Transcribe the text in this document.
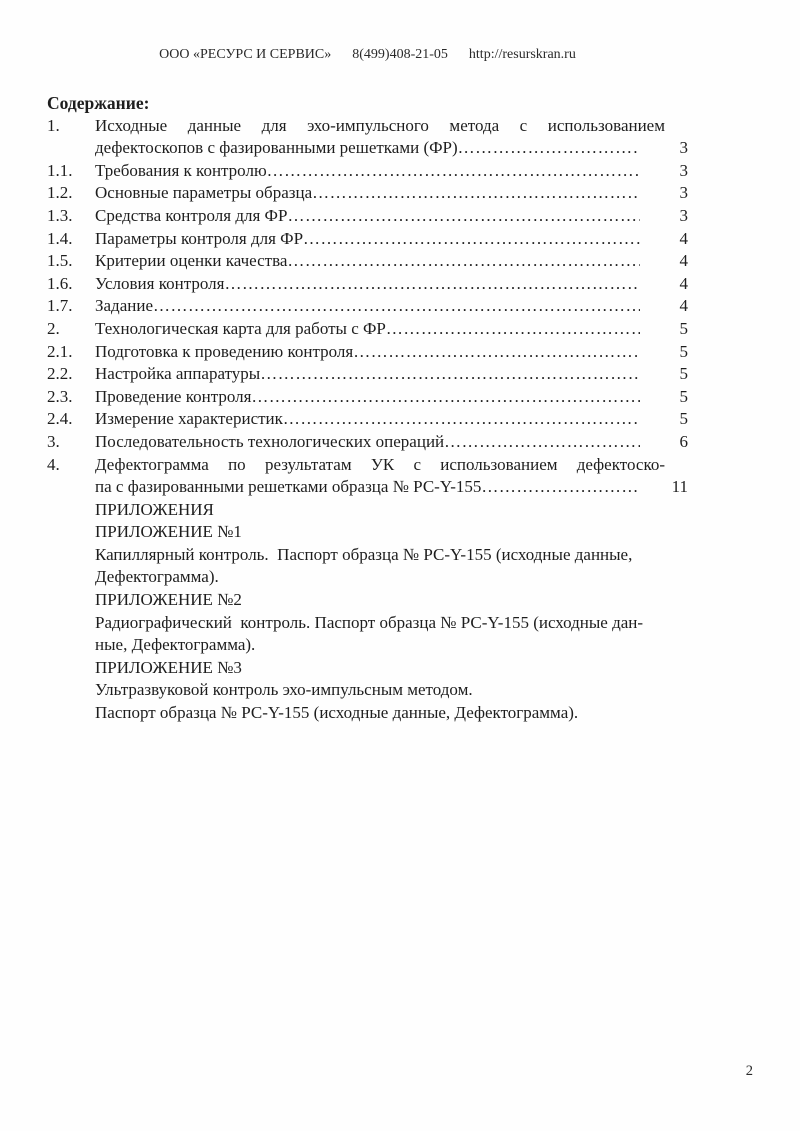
ООО «РЕСУРС И СЕРВИС» 8(499)408-21-05 http://resurskran.ru
Содержание:
1.	Исходные данные для эхо-импульсного метода с использованием
дефектоскопов с фазированными решетками (ФР) ………………………………………………………………………………………………………………	3
1.1.	Требования к контролю ………………………………………………………………………………………………………………	3
1.2.	Основные параметры образца ………………………………………………………………………………………………………………	3
1.3.	Средства контроля для ФР ………………………………………………………………………………………………………………	3
1.4.	Параметры контроля для ФР ………………………………………………………………………………………………………………	4
1.5.	Критерии оценки качества ………………………………………………………………………………………………………………	4
1.6.	Условия контроля ………………………………………………………………………………………………………………	4
1.7.	Задание ………………………………………………………………………………………………………………	4
2.	Технологическая карта для работы с ФР ………………………………………………………………………………………………………………	5
2.1.	Подготовка к проведению контроля ………………………………………………………………………………………………………………	5
2.2.	Настройка аппаратуры ………………………………………………………………………………………………………………	5
2.3.	Проведение контроля ………………………………………………………………………………………………………………	5
2.4.	Измерение характеристик ………………………………………………………………………………………………………………	5
3.	Последовательность технологических операций ………………………………………………………………………………………………………………	6
4.	Дефектограмма по результатам УК с использованием дефектоско-
па с фазированными решетками образца № РС-Y-155 ………………………………………………………………………………………………………………	11
ПРИЛОЖЕНИЯ
ПРИЛОЖЕНИЕ №1
Капиллярный контроль.  Паспорт образца № РС-Y-155 (исходные данные,
Дефектограмма).
ПРИЛОЖЕНИЕ №2
Радиографический  контроль. Паспорт образца № РС-Y-155 (исходные дан-
ные, Дефектограмма).
ПРИЛОЖЕНИЕ №3
Ультразвуковой контроль эхо-импульсным методом.
Паспорт образца № РС-Y-155 (исходные данные, Дефектограмма).
2
